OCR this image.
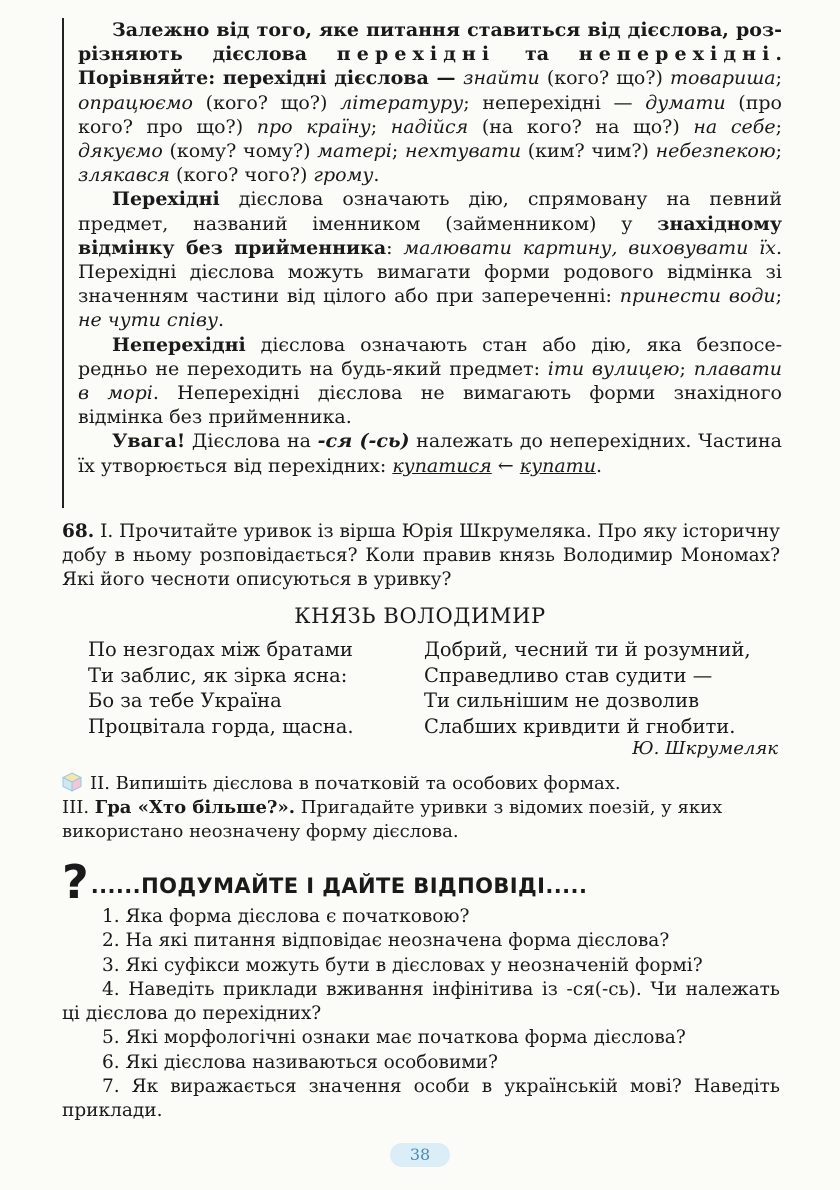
Залежно від того, яке питання ставиться від дієслова, розрізняють дієслова перехідні та неперехідні. Порівняйте: перехідні дієслова — знайти (кого? що?) товариша; опрацюємо (кого? що?) літературу; неперехідні — думати (про кого? про що?) про країну; надійся (на кого? на що?) на себе; дякуємо (кому? чому?) матері; нехтувати (ким? чим?) небезпекою; злякався (кого? чого?) грому.

Перехідні дієслова означають дію, спрямовану на певний предмет, названий іменником (займенником) у знахідному відмінку без прийменника: малювати картину, виховувати їх. Перехідні дієслова можуть вимагати форми родового відмінка зі значенням частини від цілого або при запереченні: принести води; не чути співу.

Неперехідні дієслова означають стан або дію, яка безпосередньо не переходить на будь-який предмет: іти вулицею; плавати в морі. Неперехідні дієслова не вимагають форми знахідного відмінка без прийменника.

Увага! Дієслова на -ся (-сь) належать до неперехідних. Частина їх утворюється від перехідних: купатися ← купати.

68. I. Прочитайте уривок із вірша Юрія Шкрумеляка. Про яку історичну добу в ньому розповідається? Коли правив князь Володимир Мономах? Які його чесноти описуються в уривку?

КНЯЗЬ ВОЛОДИМИР
По незгодах між братами
Ти заблис, як зірка ясна:
Бо за тебе Україна
Процвітала горда, щасна.
Добрий, чесний ти й розумний,
Справедливо став судити —
Ти сильнішим не дозволив
Слабших кривдити й гнобити.
Ю. Шкрумеляк
II. Випишіть дієслова в початковій та особових формах.
III. Гра «Хто більше?». Пригадайте уривки з відомих поезій, у яких використано неозначену форму дієслова.
? ......ПОДУМАЙТЕ І ДАЙТЕ ВІДПОВІДІ.....
1. Яка форма дієслова є початковою?
2. На які питання відповідає неозначена форма дієслова?
3. Які суфікси можуть бути в дієсловах у неозначеній формі?
4. Наведіть приклади вживання інфінітива із -ся(-сь). Чи належать ці дієслова до перехідних?
5. Які морфологічні ознаки має початкова форма дієслова?
6. Які дієслова називаються особовими?
7. Як виражається значення особи в українській мові? Наведіть приклади.
38
